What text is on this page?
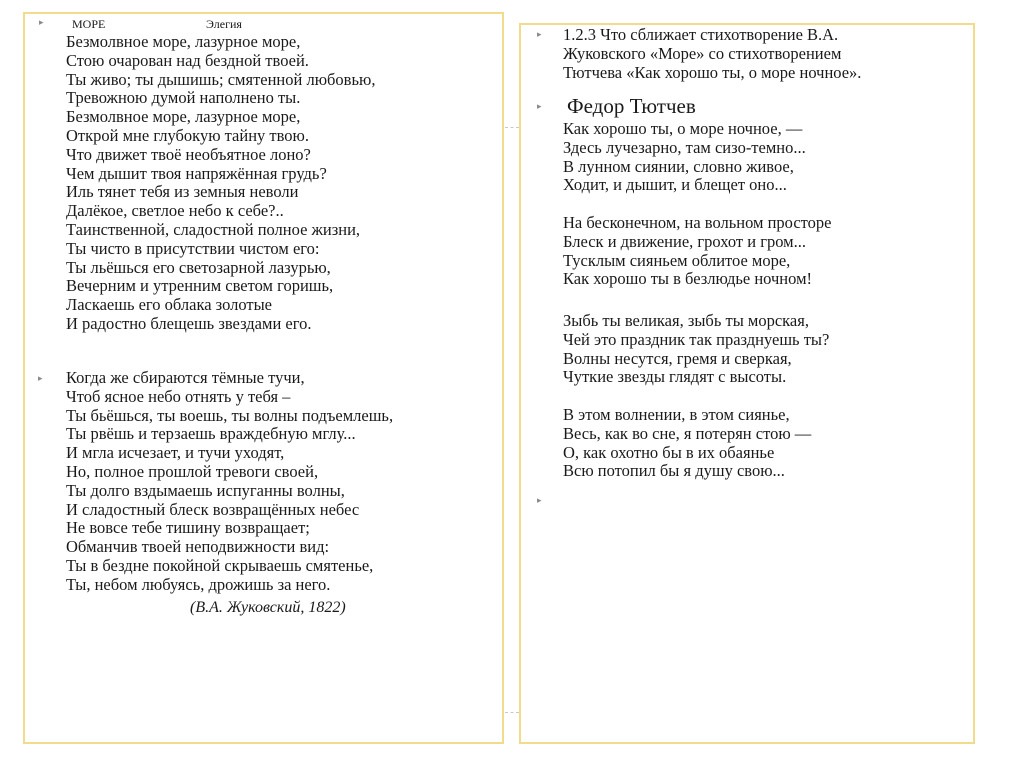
▸ МОРЕ	Элегия
Безмолвное море, лазурное море,
Стою очарован над бездной твоей.
Ты живо; ты дышишь; смятенной любовью,
Тревожною думой наполнено ты.
Безмолвное море, лазурное море,
Открой мне глубокую тайну твою.
Что движет твоё необъятное лоно?
Чем дышит твоя напряжённая грудь?
Иль тянет тебя из земныя неволи
Далёкое, светлое небо к себе?..
Таинственной, сладостной полное жизни,
Ты чисто в присутствии чистом его:
Ты льёшься его светозарной лазурью,
Вечерним и утренним светом горишь,
Ласкаешь его облака золотые
И радостно блещешь звездами его.
▸ Когда же сбираются тёмные тучи,
Чтоб ясное небо отнять у тебя –
Ты бьёшься, ты воешь, ты волны подъемлешь,
Ты рвёшь и терзаешь враждебную мглу...
И мгла исчезает, и тучи уходят,
Но, полное прошлой тревоги своей,
Ты долго вздымаешь испуганны волны,
И сладостный блеск возвращённых небес
Не вовсе тебе тишину возвращает;
Обманчив твоей неподвижности вид:
Ты в бездне покойной скрываешь смятенье,
Ты, небом любуясь, дрожишь за него.
(В.А. Жуковский, 1822)
▸ 1.2.3 Что сближает стихотворение В.А.
Жуковского «Море» со стихотворением
Тютчева «Как хорошо ты, о море ночное».
▸ Федор Тютчев
Как хорошо ты, о море ночное, —
Здесь лучезарно, там сизо-темно...
В лунном сиянии, словно живое,
Ходит, и дышит, и блещет оно...
На бесконечном, на вольном просторе
Блеск и движение, грохот и гром...
Тусклым сияньем облитое море,
Как хорошо ты в безлюдье ночном!
Зыбь ты великая, зыбь ты морская,
Чей это праздник так празднуешь ты?
Волны несутся, гремя и сверкая,
Чуткие звезды глядят с высоты.
В этом волнении, в этом сиянье,
Весь, как во сне, я потерян стою —
О, как охотно бы в их обаянье
Всю потопил бы я душу свою...
▸
